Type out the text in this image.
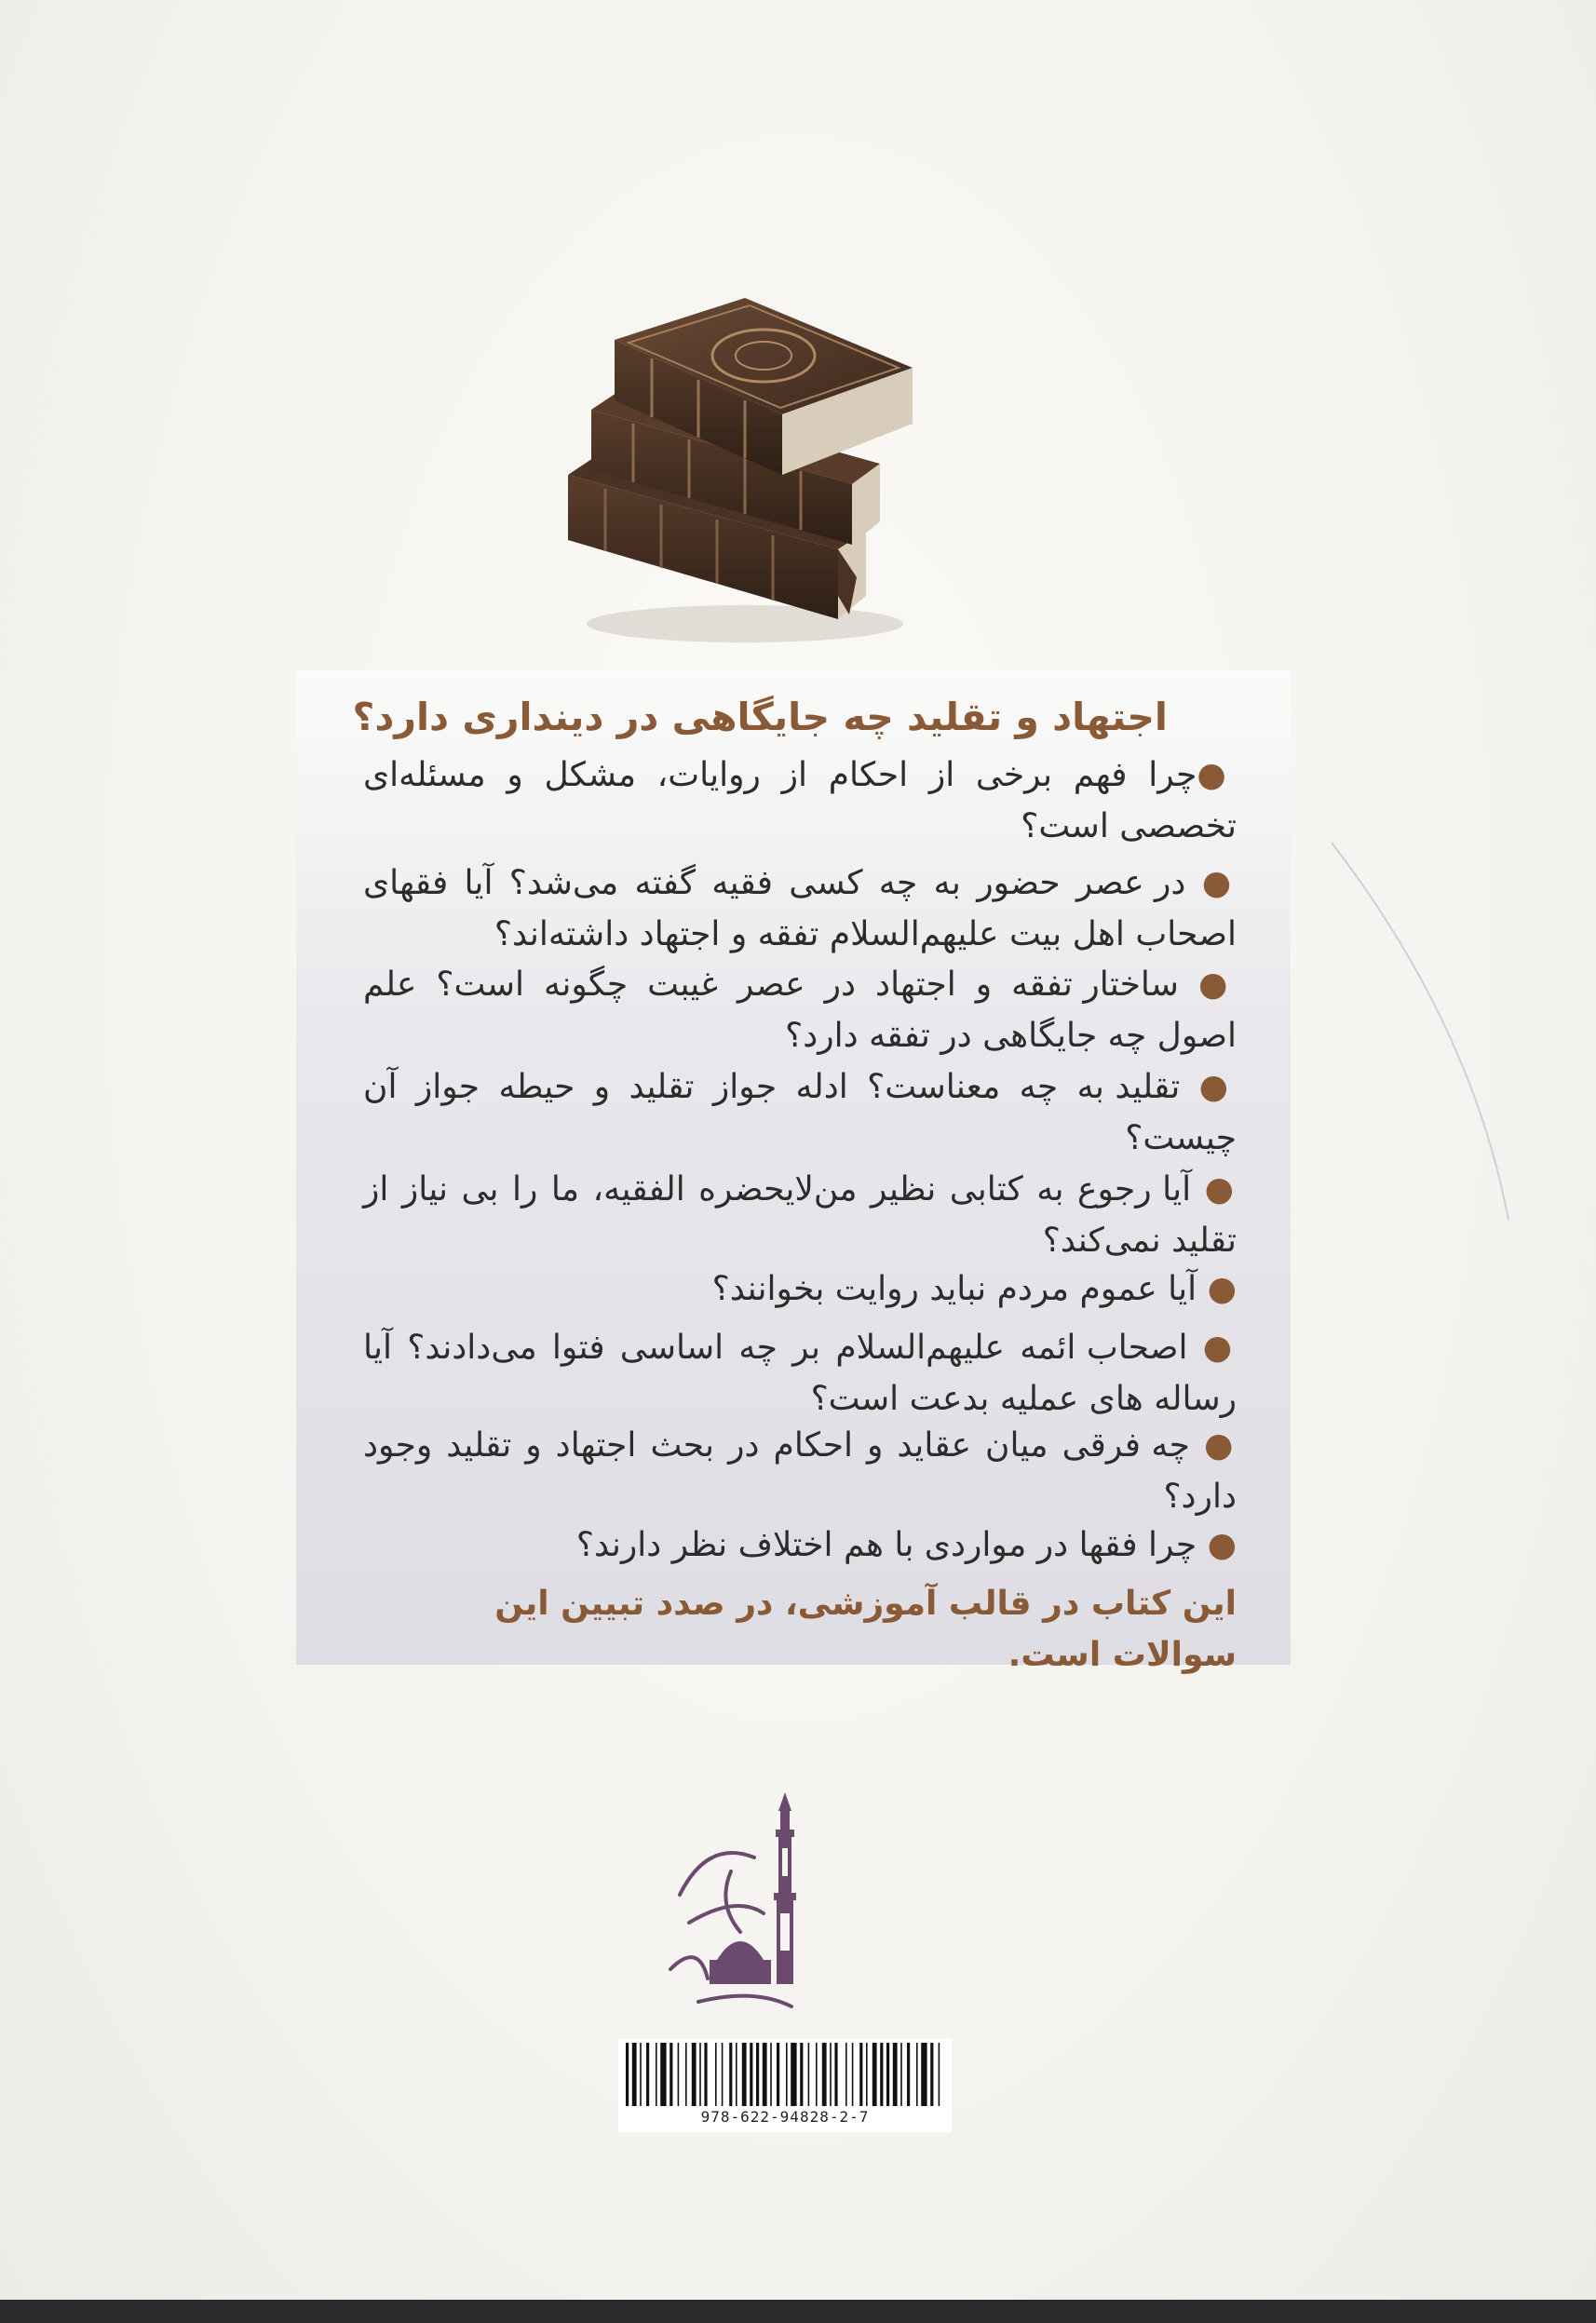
اجتهاد و تقلید چه جایگاهی در دینداری دارد؟
●چرا فهم برخی از احکام از روایات، مشکل و مسئله‌ای تخصصی است؟
● در عصر حضور به چه کسی فقیه گفته می‌شد؟ آیا فقهای اصحاب اهل بیت علیهم‌السلام تفقه و اجتهاد داشته‌اند؟
● ساختار تفقه و اجتهاد در عصر غیبت چگونه است؟ علم اصول چه جایگاهی در تفقه دارد؟
● تقلید به چه معناست؟ ادله جواز تقلید و حیطه جواز آن چیست؟
● آیا رجوع به کتابی نظیر من‌لایحضره الفقیه، ما را بی نیاز از تقلید نمی‌کند؟
● آیا عموم مردم نباید روایت بخوانند؟
● اصحاب ائمه علیهم‌السلام بر چه اساسی فتوا می‌دادند؟ آیا رساله های عملیه بدعت است؟
● چه فرقی میان عقاید و احکام در بحث اجتهاد و تقلید وجود دارد؟
● چرا فقها در مواردی با هم اختلاف نظر دارند؟
این کتاب در قالب آموزشی، در صدد تبیین این سوالات است.
978-622-94828-2-7
